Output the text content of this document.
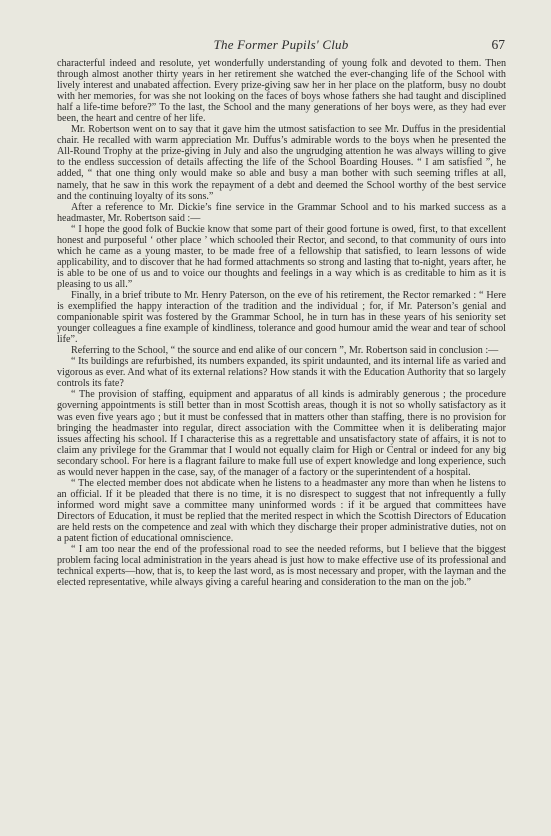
The Former Pupils' Club	67

characterful indeed and resolute, yet wonderfully understanding of young folk and devoted to them. Then through almost another thirty years in her retirement she watched the ever-changing life of the School with lively interest and unabated affection. Every prize-giving saw her in her place on the platform, busy no doubt with her memories, for was she not looking on the faces of boys whose fathers she had taught and disciplined half a life-time before?” To the last, the School and the many generations of her boys were, as they had ever been, the heart and centre of her life.

Mr. Robertson went on to say that it gave him the utmost satisfaction to see Mr. Duffus in the presidential chair. He recalled with warm appreciation Mr. Duffus’s admirable words to the boys when he presented the All-Round Trophy at the prize-giving in July and also the ungrudging attention he was always willing to give to the endless succession of details affecting the life of the School Boarding Houses. “ I am satisfied ”, he added, “ that one thing only would make so able and busy a man bother with such seeming trifles at all, namely, that he saw in this work the repayment of a debt and deemed the School worthy of the best service and the continuing loyalty of its sons.”

After a reference to Mr. Dickie’s fine service in the Grammar School and to his marked success as a headmaster, Mr. Robertson said :—

“ I hope the good folk of Buckie know that some part of their good fortune is owed, first, to that excellent honest and purposeful ‘ other place ’ which schooled their Rector, and second, to that community of ours into which he came as a young master, to be made free of a fellowship that satisfied, to learn lessons of wide applicability, and to discover that he had formed attachments so strong and lasting that to-night, years after, he is able to be one of us and to voice our thoughts and feelings in a way which is as creditable to him as it is pleasing to us all.”

Finally, in a brief tribute to Mr. Henry Paterson, on the eve of his retirement, the Rector remarked : “ Here is exemplified the happy interaction of the tradition and the individual ; for, if Mr. Paterson’s genial and companionable spirit was fostered by the Grammar School, he in turn has in these years of his seniority set younger colleagues a fine example of kindliness, tolerance and good humour amid the wear and tear of school life”.

Referring to the School, “ the source and end alike of our concern ”, Mr. Robertson said in conclusion :—

“ Its buildings are refurbished, its numbers expanded, its spirit undaunted, and its internal life as varied and vigorous as ever. And what of its external relations? How stands it with the Education Authority that so largely controls its fate?

“ The provision of staffing, equipment and apparatus of all kinds is admirably generous ; the procedure governing appointments is still better than in most Scottish areas, though it is not so wholly satisfactory as it was even five years ago ; but it must be confessed that in matters other than staffing, there is no provision for bringing the headmaster into regular, direct association with the Committee when it is deliberating major issues affecting his school. If I characterise this as a regrettable and unsatisfactory state of affairs, it is not to claim any privilege for the Grammar that I would not equally claim for High or Central or indeed for any big secondary school. For here is a flagrant failure to make full use of expert knowledge and long experience, such as would never happen in the case, say, of the manager of a factory or the superintendent of a hospital.

“ The elected member does not abdicate when he listens to a headmaster any more than when he listens to an official. If it be pleaded that there is no time, it is no disrespect to suggest that not infrequently a fully informed word might save a committee many uninformed words : if it be argued that committees have Directors of Education, it must be replied that the merited respect in which the Scottish Directors of Education are held rests on the competence and zeal with which they discharge their proper administrative duties, not on a patent fiction of educational omniscience.

“ I am too near the end of the professional road to see the needed reforms, but I believe that the biggest problem facing local administration in the years ahead is just how to make effective use of its professional and technical experts—how, that is, to keep the last word, as is most necessary and proper, with the layman and the elected representative, while always giving a careful hearing and consideration to the man on the job.”
